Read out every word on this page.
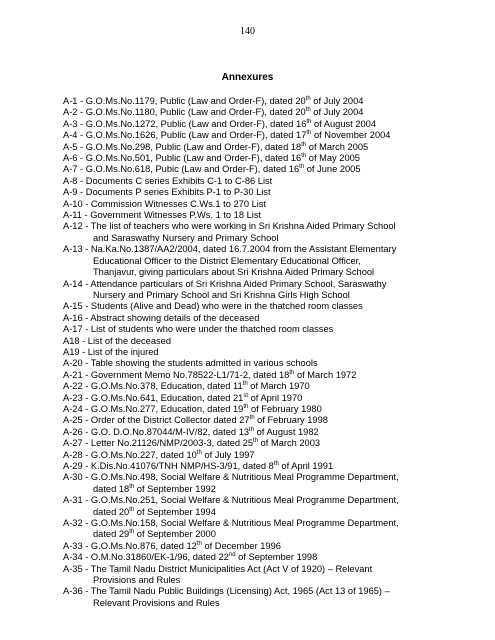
140
Annexures
A-1 - G.O.Ms.No.1179, Public (Law and Order-F), dated 20th of July 2004
A-2 - G.O.Ms.No.1180, Public (Law and Order-F), dated 20th of July 2004
A-3 - G.O.Ms.No.1272, Public (Law and Order-F), dated 16th of August 2004
A-4 - G.O.Ms.No.1626, Public (Law and Order-F), dated 17th of November 2004
A-5 - G.O.Ms.No.298, Public (Law and Order-F), dated 18th of March 2005
A-6 - G.O.Ms.No.501, Public (Law and Order-F), dated 16th of May 2005
A-7 - G.O.Ms.No.618, Pubic (Law and Order-F), dated 16th of June 2005
A-8 - Documents C series Exhibits C-1 to C-86 List
A-9 - Documents P series Exhibits P-1 to P-30 List
A-10 - Commission Witnesses C.Ws.1 to 270 List
A-11 - Government Witnesses P.Ws. 1 to 18 List
A-12 - The list of teachers who were working in Sri Krishna Aided Primary School
and Saraswathy Nursery and Primary School
A-13 - Na.Ka.No.1387/AA2/2004, dated 16.7.2004 from the Assistant Elementary
Educational Officer to the District Elementary Educational Officer,
Thanjavur, giving particulars about Sri Krishna Aided Primary School
A-14 - Attendance particulars of Sri Krishna Aided Primary School, Saraswathy
Nursery and Primary School and Sri Krishna Girls High School
A-15 - Students (Alive and Dead) who were in the thatched room classes
A-16 - Abstract showing details of the deceased
A-17 - List of students who were under the thatched room classes
A18 - List of the deceased
A19 - List of the injured
A-20 - Table showing the students admitted in various schools
A-21 - Government Memo No.78522-L1/71-2, dated 18th of March 1972
A-22 - G.O.Ms.No.378, Education, dated 11th of March 1970
A-23 - G.O.Ms.No.641, Education, dated 21st of April 1970
A-24 - G.O.Ms.No.277, Education, dated 19th of February 1980
A-25 - Order of the District Collector dated 27th of February 1998
A-26 - G.O. D.O.No.87044/M-IV/82, dated 13th of August 1982
A-27 - Letter No.21126/NMP/2003-3, dated 25th of March 2003
A-28 - G.O.Ms.No.227, dated 10th of July 1997
A-29 - K.Dis.No.41076/TNH NMP/HS-3/91, dated 8th of April 1991
A-30 - G.O.Ms.No.498, Social Welfare & Nutritious Meal Programme Department,
dated 18th of September 1992
A-31 - G.O.Ms.No.251, Social Welfare & Nutritious Meal Programme Department,
dated 20th of September 1994
A-32 - G.O.Ms.No.158, Social Welfare & Nutritious Meal Programme Department,
dated 29th of September 2000
A-33 - G.O.Ms.No.876, dated 12th of December 1996
A-34 - O.M.No.31860/EK-1/96, dated 22nd of September 1998
A-35 - The Tamil Nadu District Municipalities Act (Act V of 1920) – Relevant
Provisions and Rules
A-36 - The Tamil Nadu Public Buildings (Licensing) Act, 1965 (Act 13 of 1965) –
Relevant Provisions and Rules
